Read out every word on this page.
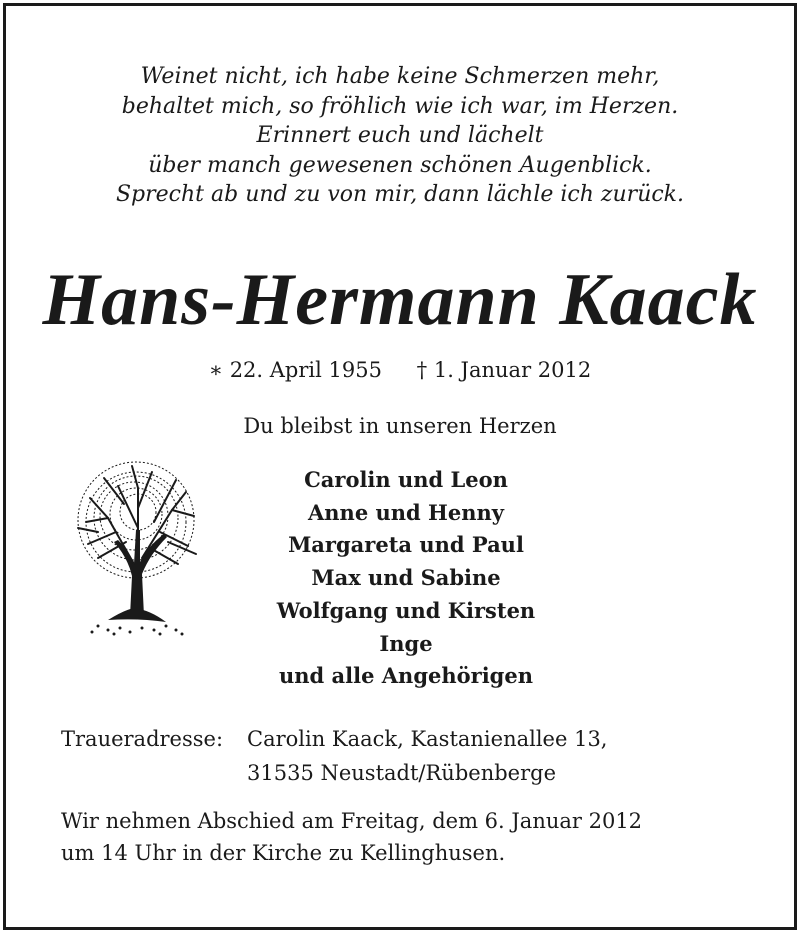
Weinet nicht, ich habe keine Schmerzen mehr,
behaltet mich, so fröhlich wie ich war, im Herzen.
Erinnert euch und lächelt
über manch gewesenen schönen Augenblick.
Sprecht ab und zu von mir, dann lächle ich zurück.
Hans-Hermann Kaack
∗ 22. April 1955 † 1. Januar 2012
Du bleibst in unseren Herzen
Carolin und Leon
Anne und Henny
Margareta und Paul
Max und Sabine
Wolfgang und Kirsten
Inge
und alle Angehörigen
Traueradresse: Carolin Kaack, Kastanienallee 13,
31535 Neustadt/Rübenberge
Wir nehmen Abschied am Freitag, dem 6. Januar 2012
um 14 Uhr in der Kirche zu Kellinghusen.
